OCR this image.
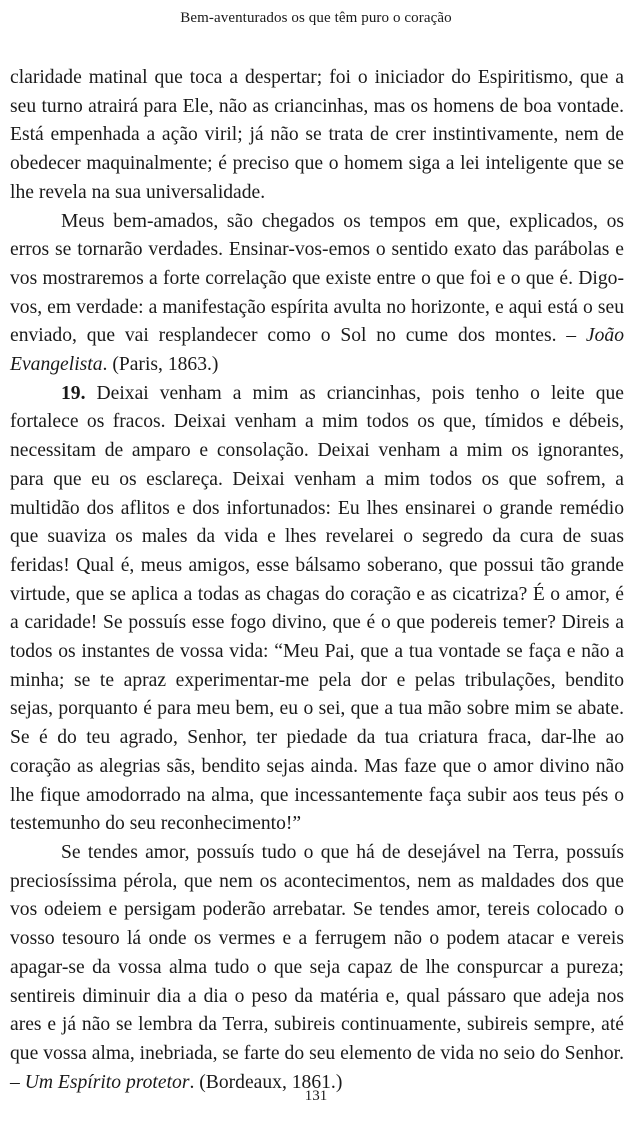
Bem-aventurados os que têm puro o coração

claridade matinal que toca a despertar; foi o iniciador do Espiritismo, que a seu turno atrairá para Ele, não as criancinhas, mas os homens de boa vontade. Está empenhada a ação viril; já não se trata de crer instintivamente, nem de obedecer maquinalmente; é preciso que o homem siga a lei inteligente que se lhe revela na sua universalidade.

Meus bem-amados, são chegados os tempos em que, explicados, os erros se tornarão verdades. Ensinar-vos-emos o sentido exato das parábolas e vos mostraremos a forte correlação que existe entre o que foi e o que é. Digo-vos, em verdade: a manifestação espírita avulta no horizonte, e aqui está o seu enviado, que vai resplandecer como o Sol no cume dos montes. – João Evangelista. (Paris, 1863.)

19. Deixai venham a mim as criancinhas, pois tenho o leite que fortalece os fracos. Deixai venham a mim todos os que, tímidos e débeis, necessitam de amparo e consolação. Deixai venham a mim os ignorantes, para que eu os esclareça. Deixai venham a mim todos os que sofrem, a multidão dos aflitos e dos infortunados: Eu lhes ensinarei o grande remédio que suaviza os males da vida e lhes revelarei o segredo da cura de suas feridas! Qual é, meus amigos, esse bálsamo soberano, que possui tão grande virtude, que se aplica a todas as chagas do coração e as cicatriza? É o amor, é a caridade! Se possuís esse fogo divino, que é o que podereis temer? Direis a todos os instantes de vossa vida: “Meu Pai, que a tua vontade se faça e não a minha; se te apraz experimentar-me pela dor e pelas tribulações, bendito sejas, porquanto é para meu bem, eu o sei, que a tua mão sobre mim se abate. Se é do teu agrado, Senhor, ter piedade da tua criatura fraca, dar-lhe ao coração as alegrias sãs, bendito sejas ainda. Mas faze que o amor divino não lhe fique amodorrado na alma, que incessantemente faça subir aos teus pés o testemunho do seu reconhecimento!”

Se tendes amor, possuís tudo o que há de desejável na Terra, possuís preciosíssima pérola, que nem os acontecimentos, nem as maldades dos que vos odeiem e persigam poderão arrebatar. Se tendes amor, tereis colocado o vosso tesouro lá onde os vermes e a ferrugem não o podem atacar e vereis apagar-se da vossa alma tudo o que seja capaz de lhe conspurcar a pureza; sentireis diminuir dia a dia o peso da matéria e, qual pássaro que adeja nos ares e já não se lembra da Terra, subireis continuamente, subireis sempre, até que vossa alma, inebriada, se farte do seu elemento de vida no seio do Senhor. – Um Espírito protetor. (Bordeaux, 1861.)

131
